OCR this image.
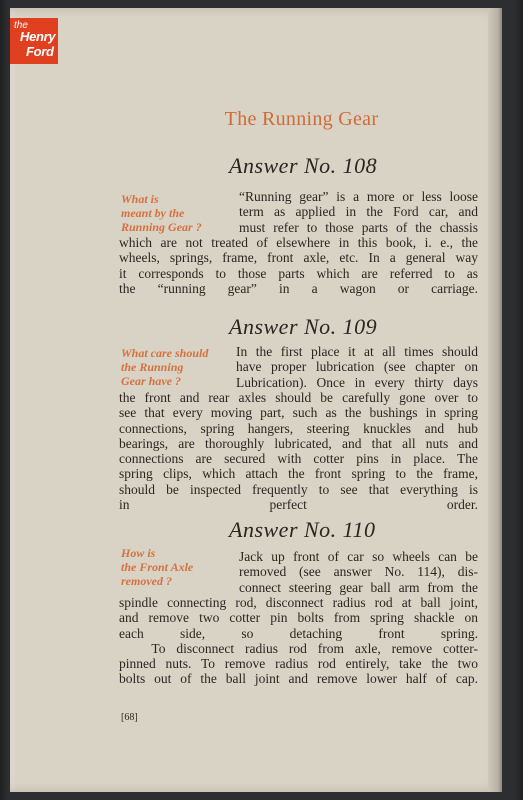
the
Henry
Ford
The Running Gear
Answer No. 108
What is
meant by the
Running Gear ?
“Running gear” is a more or less loose
term as applied in the Ford car, and
must refer to those parts of the chassis
which are not treated of elsewhere in this book, i. e., the
wheels, springs, frame, front axle, etc. In a general way
it corresponds to those parts which are referred to as
the “running gear” in a wagon or carriage.
Answer No. 109
What care should
the Running
Gear have ?
In the first place it at all times should
have proper lubrication (see chapter on
Lubrication). Once in every thirty days
the front and rear axles should be carefully gone over to
see that every moving part, such as the bushings in spring
connections, spring hangers, steering knuckles and hub
bearings, are thoroughly lubricated, and that all nuts and
connections are secured with cotter pins in place. The
spring clips, which attach the front spring to the frame,
should be inspected frequently to see that everything is
in perfect order.
Answer No. 110
How is
the Front Axle
removed ?
Jack up front of car so wheels can be
removed (see answer No. 114), dis-
connect steering gear ball arm from the
spindle connecting rod, disconnect radius rod at ball joint,
and remove two cotter pin bolts from spring shackle on
each side, so detaching front spring.
To disconnect radius rod from axle, remove cotter-
pinned nuts. To remove radius rod entirely, take the two
bolts out of the ball joint and remove lower half of cap.
[68]
